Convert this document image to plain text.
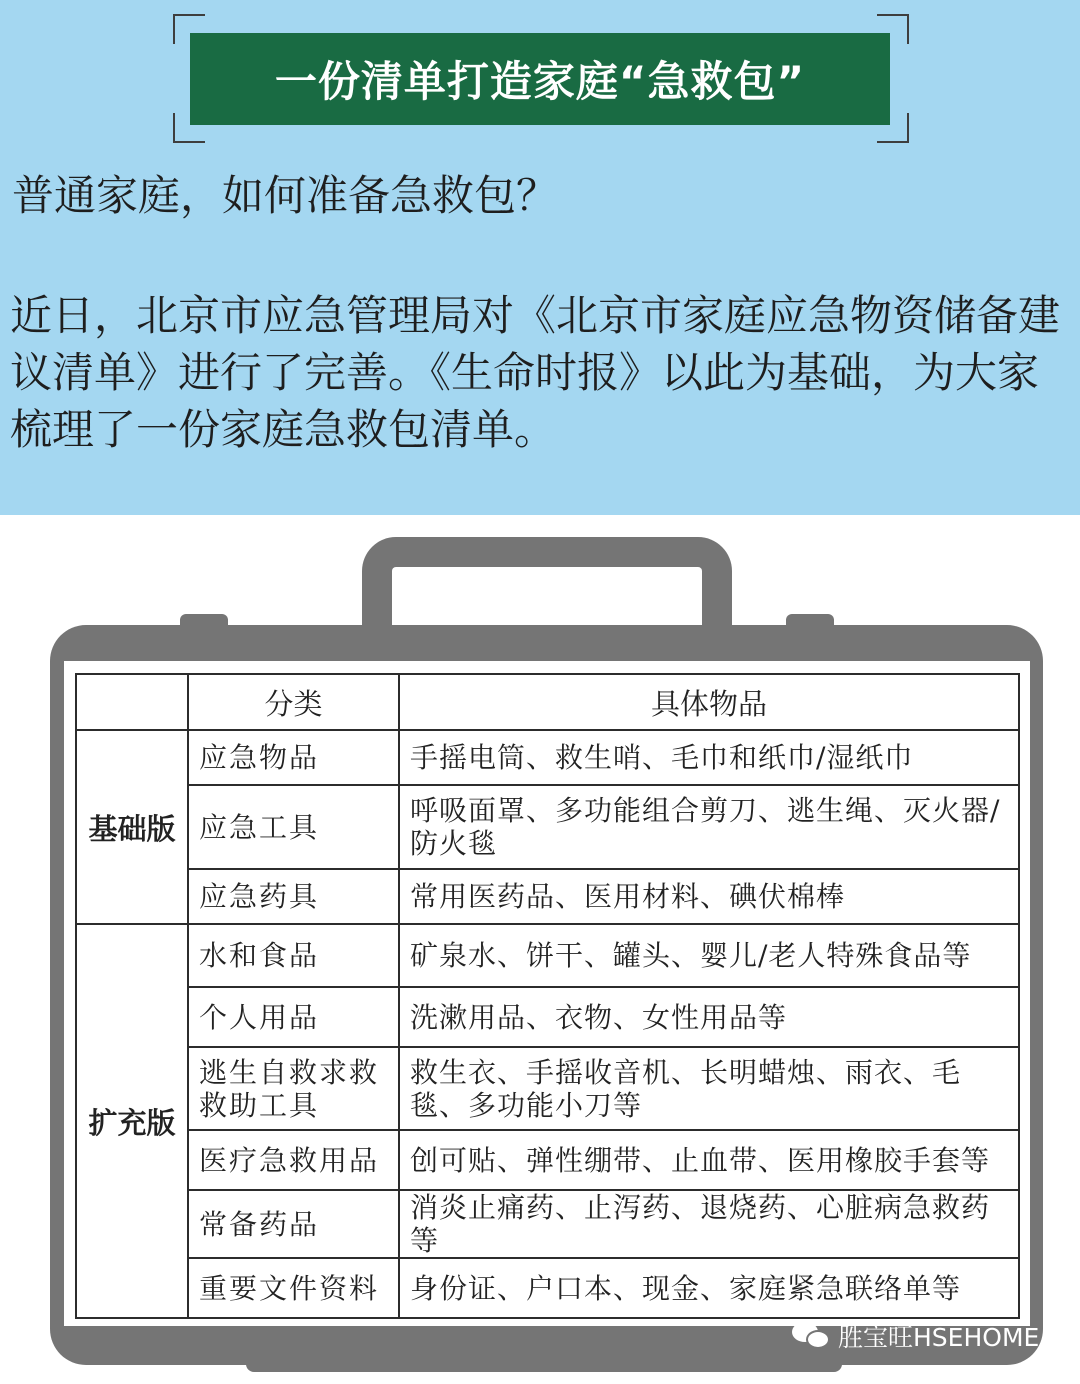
一份清单打造家庭“急救包”
普通家庭，如何准备急救包？
近日，北京市应急管理局对《北京市家庭应急物资储备建议清单》进行了完善。《生命时报》以此为基础，为大家梳理了一份家庭急救包清单。
	分类	具体物品
基础版	应急物品	手摇电筒、救生哨、毛巾和纸巾/湿纸巾
	应急工具	呼吸面罩、多功能组合剪刀、逃生绳、灭火器/防火毯
	应急药具	常用医药品、医用材料、碘伏棉棒
扩充版	水和食品	矿泉水、饼干、罐头、婴儿/老人特殊食品等
	个人用品	洗漱用品、衣物、女性用品等
	逃生自救求救救助工具	救生衣、手摇收音机、长明蜡烛、雨衣、毛毯、多功能小刀等
	医疗急救用品	创可贴、弹性绷带、止血带、医用橡胶手套等
	常备药品	消炎止痛药、止泻药、退烧药、心脏病急救药等
	重要文件资料	身份证、户口本、现金、家庭紧急联络单等
胜宝旺HSEHOME
